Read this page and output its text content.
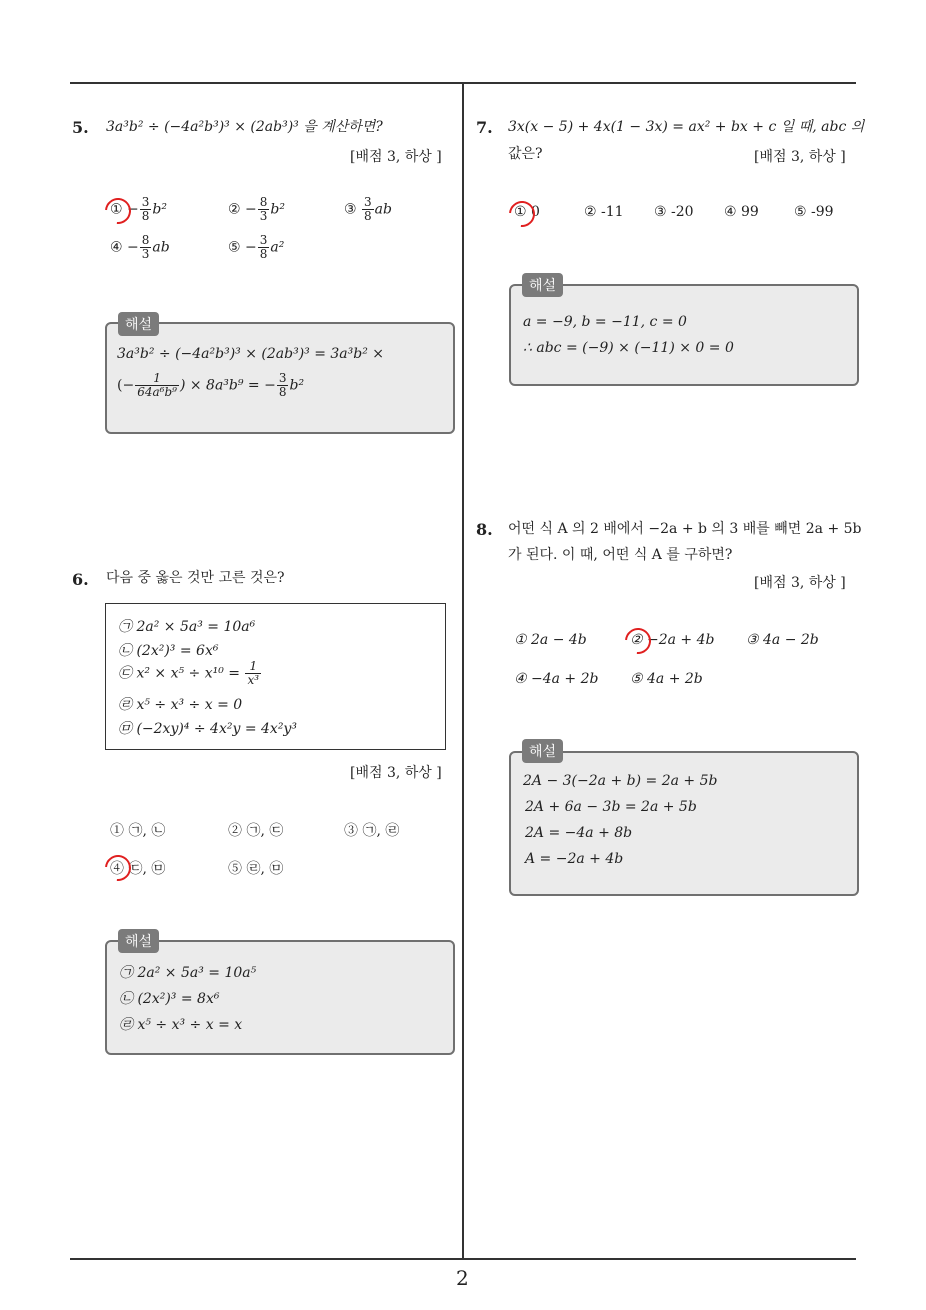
2
5. 3a³b² ÷ (−4a²b³)³ × (2ab³)³ 을 계산하면?
[배점 3, 하상 ]
① − $\frac{3}{8} b^2$	② − $\frac{8}{3} b^2$	③ $\frac{3}{8}$ ab
④ − $\frac{8}{3}$ ab	⑤ − $\frac{3}{8} a^2$
3a³b² ÷ (−4a²b³)³ × (2ab³)³ = 3a³b² ×
(− $\frac{1}{\text{64a⁶b⁹}}$ ) × 8a³b⁹ = − $\frac{3}{8} b^2$
해설
6. 다음 중 옳은 것만 고른 것은?
㉠ 2a² × 5a³ = 10a⁶
㉡ (2x²)³ = 6x⁶
㉢ $x^2 \times x^5 \div x^{10} = \frac{1}{\text{x³}}$
㉣ x⁵ ÷ x³ ÷ x = 0
㉤ (−2xy)⁴ ÷ 4x²y = 4x²y³
[배점 3, 하상 ]
① ㉠, ㉡	② ㉠, ㉢	③ ㉠, ㉣
④ ㉢, ㉤	⑤ ㉣, ㉤
㉠ 2a² × 5a³ = 10a⁵
㉡ (2x²)³ = 8x⁶
㉣ x⁵ ÷ x³ ÷ x = x
해설
7. 3x(x − 5) + 4x(1 − 3x) = ax² + bx + c 일 때, abc 의
값은?	[배점 3, 하상 ]
① 0	② -11 ③ -20 ④ 99	⑤ -99
a = −9, b = −11, c = 0
∴ abc = (−9) × (−11) × 0 = 0
해설
8. 어떤 식 A 의 2 배에서 −2a + b 의 3 배를 빼면 2a + 5b
가 된다. 이 때, 어떤 식 A 를 구하면?
[배점 3, 하상 ]
① 2a − 4b	② −2a + 4b ③ 4a − 2b
④ −4a + 2b ⑤ 4a + 2b
2A − 3(−2a + b) = 2a + 5b
2A + 6a − 3b = 2a + 5b
2A = −4a + 8b
A = −2a + 4b
해설
